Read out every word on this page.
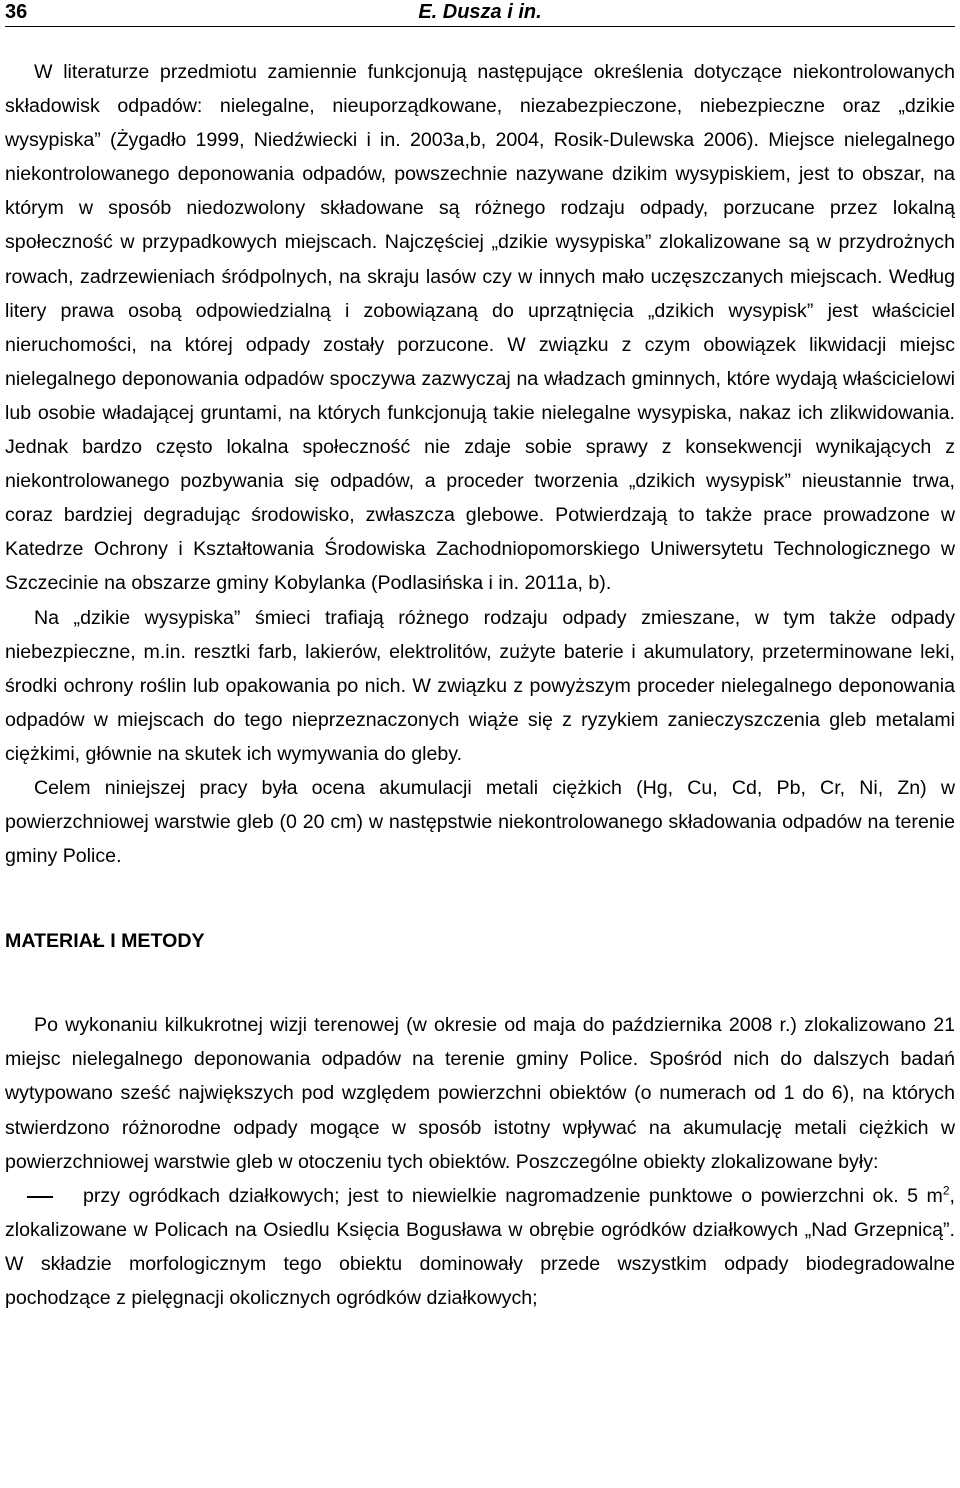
36	E. Dusza i in.

W literaturze przedmiotu zamiennie funkcjonują następujące określenia dotyczące niekontrolowanych składowisk odpadów: nielegalne, nieuporządkowane, niezabezpieczone, niebezpieczne oraz „dzikie wysypiska” (Żygadło 1999, Niedźwiecki i in. 2003a,b, 2004, Rosik-Dulewska 2006). Miejsce nielegalnego niekontrolowanego deponowania odpadów, powszechnie nazywane dzikim wysypiskiem, jest to obszar, na którym w sposób niedozwolony składowane są różnego rodzaju odpady, porzucane przez lokalną społeczność w przypadkowych miejscach. Najczęściej „dzikie wysypiska” zlokalizowane są w przydrożnych rowach, zadrzewieniach śródpolnych, na skraju lasów czy w innych mało uczęszczanych miejscach. Według litery prawa osobą odpowiedzialną i zobowiązaną do uprzątnięcia „dzikich wysypisk” jest właściciel nieruchomości, na której odpady zostały porzucone. W związku z czym obowiązek likwidacji miejsc nielegalnego deponowania odpadów spoczywa zazwyczaj na władzach gminnych, które wydają właścicielowi lub osobie władającej gruntami, na których funkcjonują takie nielegalne wysypiska, nakaz ich zlikwidowania. Jednak bardzo często lokalna społeczność nie zdaje sobie sprawy z konsekwencji wynikających z niekontrolowanego pozbywania się odpadów, a proceder tworzenia „dzikich wysypisk” nieustannie trwa, coraz bardziej degradując środowisko, zwłaszcza glebowe. Potwierdzają to także prace prowadzone w Katedrze Ochrony i Kształtowania Środowiska Zachodniopomorskiego Uniwersytetu Technologicznego w Szczecinie na obszarze gminy Kobylanka (Podlasińska i in. 2011a, b).

Na „dzikie wysypiska” śmieci trafiają różnego rodzaju odpady zmieszane, w tym także odpady niebezpieczne, m.in. resztki farb, lakierów, elektrolitów, zużyte baterie i akumulatory, przeterminowane leki, środki ochrony roślin lub opakowania po nich. W związku z powyższym proceder nielegalnego deponowania odpadów w miejscach do tego nieprzeznaczonych wiąże się z ryzykiem zanieczyszczenia gleb metalami ciężkimi, głównie na skutek ich wymywania do gleby.

Celem niniejszej pracy była ocena akumulacji metali ciężkich (Hg, Cu, Cd, Pb, Cr, Ni, Zn) w powierzchniowej warstwie gleb (0 20 cm) w następstwie niekontrolowanego składowania odpadów na terenie gminy Police.

MATERIAŁ I METODY

Po wykonaniu kilkukrotnej wizji terenowej (w okresie od maja do października 2008 r.) zlokalizowano 21 miejsc nielegalnego deponowania odpadów na terenie gminy Police. Spośród nich do dalszych badań wytypowano sześć największych pod względem powierzchni obiektów (o numerach od 1 do 6), na których stwierdzono różnorodne odpady mogące w sposób istotny wpływać na akumulację metali ciężkich w powierzchniowej warstwie gleb w otoczeniu tych obiektów. Poszczególne obiekty zlokalizowane były:

przy ogródkach działkowych; jest to niewielkie nagromadzenie punktowe o powierzchni ok. 5 $m^2$, zlokalizowane w Policach na Osiedlu Księcia Bogusława w obrębie ogródków działkowych „Nad Grzepnicą”. W składzie morfologicznym tego obiektu dominowały przede wszystkim odpady biodegradowalne pochodzące z pielęgnacji okolicznych ogródków działkowych;
